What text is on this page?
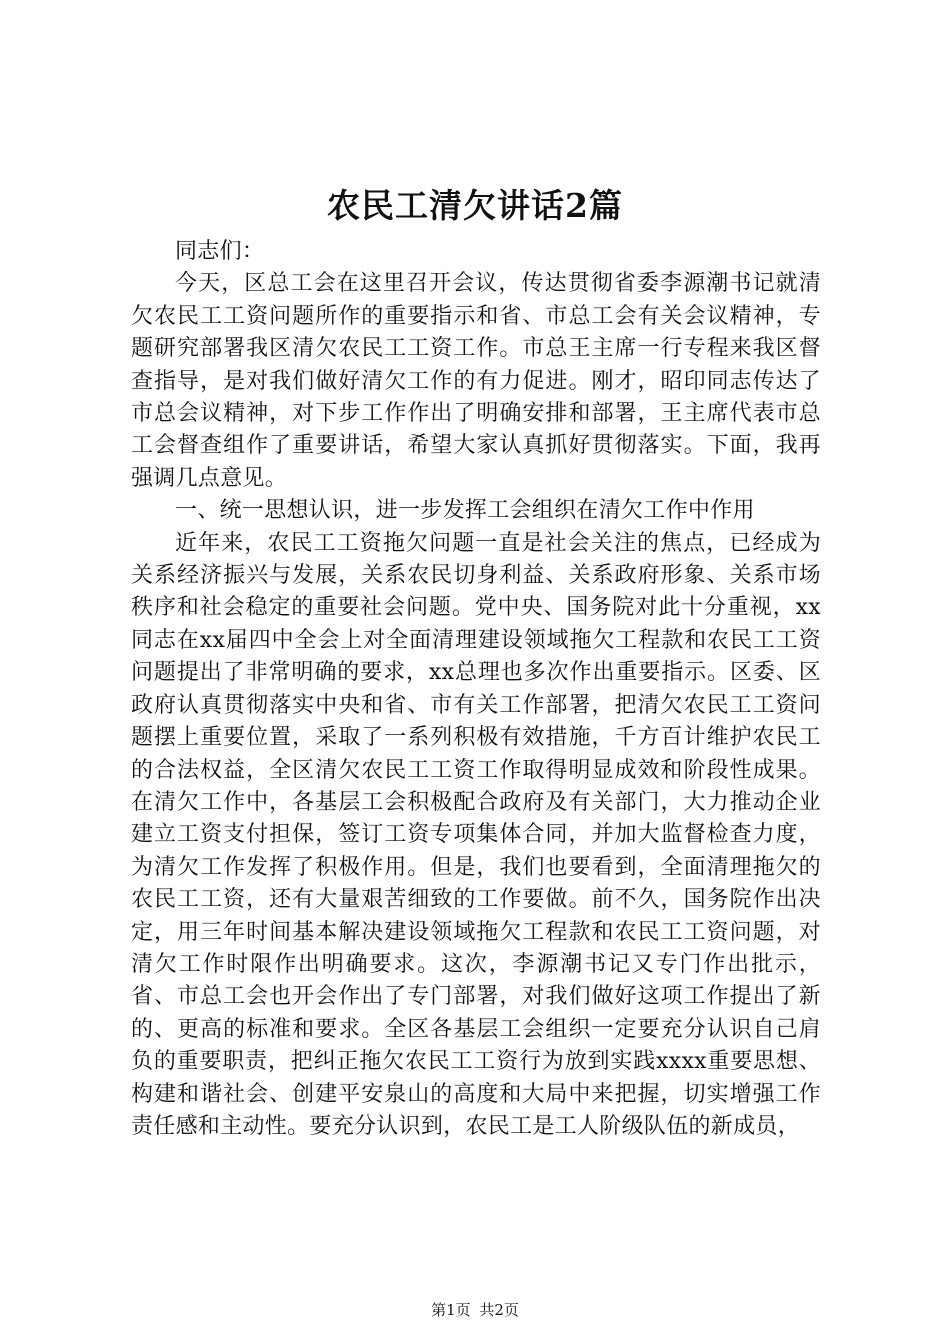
农民工清欠讲话2篇

同志们：

今天，区总工会在这里召开会议，传达贯彻省委李源潮书记就清欠农民工工资问题所作的重要指示和省、市总工会有关会议精神，专题研究部署我区清欠农民工工资工作。市总王主席一行专程来我区督查指导，是对我们做好清欠工作的有力促进。刚才，昭印同志传达了市总会议精神，对下步工作作出了明确安排和部署，王主席代表市总工会督查组作了重要讲话，希望大家认真抓好贯彻落实。下面，我再强调几点意见。

一、统一思想认识，进一步发挥工会组织在清欠工作中作用

近年来，农民工工资拖欠问题一直是社会关注的焦点，已经成为关系经济振兴与发展，关系农民切身利益、关系政府形象、关系市场秩序和社会稳定的重要社会问题。党中央、国务院对此十分重视，xx同志在xx届四中全会上对全面清理建设领域拖欠工程款和农民工工资问题提出了非常明确的要求，xx总理也多次作出重要指示。区委、区政府认真贯彻落实中央和省、市有关工作部署，把清欠农民工工资问题摆上重要位置，采取了一系列积极有效措施，千方百计维护农民工的合法权益，全区清欠农民工工资工作取得明显成效和阶段性成果。在清欠工作中，各基层工会积极配合政府及有关部门，大力推动企业建立工资支付担保，签订工资专项集体合同，并加大监督检查力度，为清欠工作发挥了积极作用。但是，我们也要看到，全面清理拖欠的农民工工资，还有大量艰苦细致的工作要做。前不久，国务院作出决定，用三年时间基本解决建设领域拖欠工程款和农民工工资问题，对清欠工作时限作出明确要求。这次，李源潮书记又专门作出批示，省、市总工会也开会作出了专门部署，对我们做好这项工作提出了新的、更高的标准和要求。全区各基层工会组织一定要充分认识自己肩负的重要职责，把纠正拖欠农民工工资行为放到实践xxxx重要思想、构建和谐社会、创建平安泉山的高度和大局中来把握，切实增强工作责任感和主动性。要充分认识到，农民工是工人阶级队伍的新成员，

第1页 共2页
